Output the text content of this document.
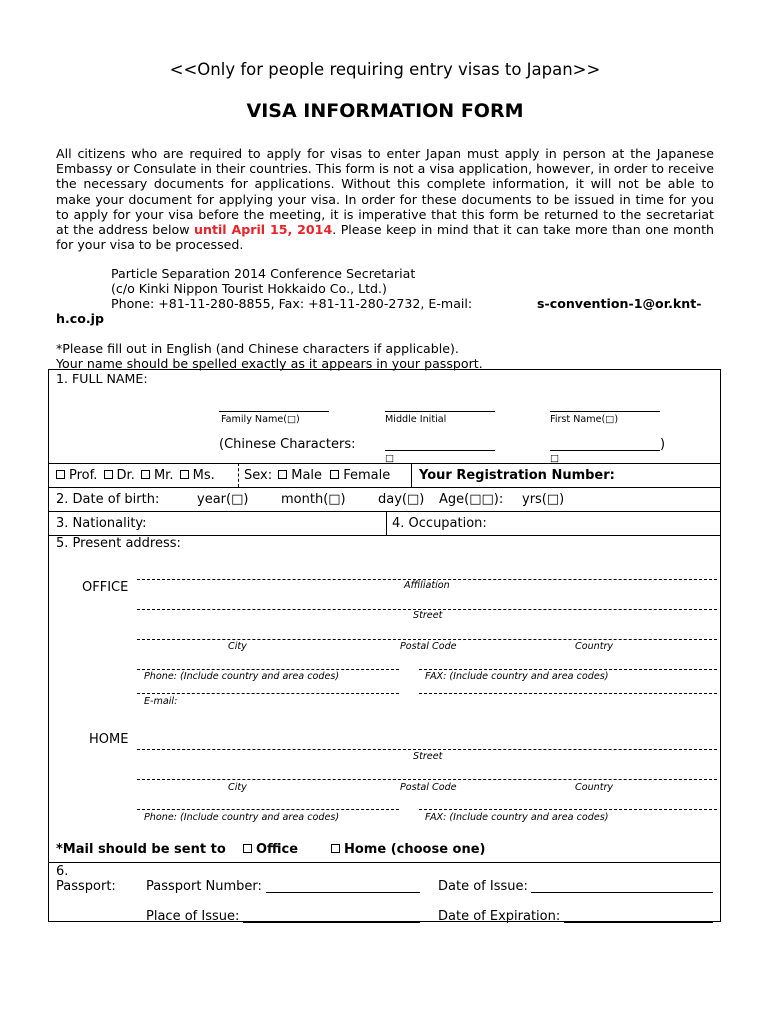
<<Only for people requiring entry visas to Japan>>
VISA INFORMATION FORM
All citizens who are required to apply for visas to enter Japan must apply in person at the Japanese Embassy or Consulate in their countries. This form is not a visa application, however, in order to receive the necessary documents for applications. Without this complete information, it will not be able to make your document for applying your visa. In order for these documents to be issued in time for you to apply for your visa before the meeting, it is imperative that this form be returned to the secretariat at the address below until April 15, 2014. Please keep in mind that it can take more than one month for your visa to be processed.
Particle Separation 2014 Conference Secretariat
(c/o Kinki Nippon Tourist Hokkaido Co., Ltd.)
Phone: +81-11-280-8855, Fax: +81-11-280-2732, E-mail:	s-convention-1@or.knt-
h.co.jp
*Please fill out in English (and Chinese characters if applicable).
Your name should be spelled exactly as it appears in your passport.
1. FULL NAME:
Family Name(□)	Middle Initial	First Name(□)
(Chinese Characters:	)
□	□
Prof. Dr. Mr. Ms. Sex: Male Female Your Registration Number:
2. Date of birth:	year(□)	month(□) day(□) Age(□□): yrs(□)
3. Nationality:	4. Occupation:
5. Present address:
OFFICE	Affiliation
Street
City	Postal Code	Country
Phone: (Include country and area codes)	FAX: (Include country and area codes)
E-mail:
HOME
Street
City	Postal Code	Country
Phone: (Include country and area codes)	FAX: (Include country and area codes)
*Mail should be sent to	Office	Home (choose one)
6.
Passport: Passport Number:	Date of Issue:
Place of Issue:	Date of Expiration:
